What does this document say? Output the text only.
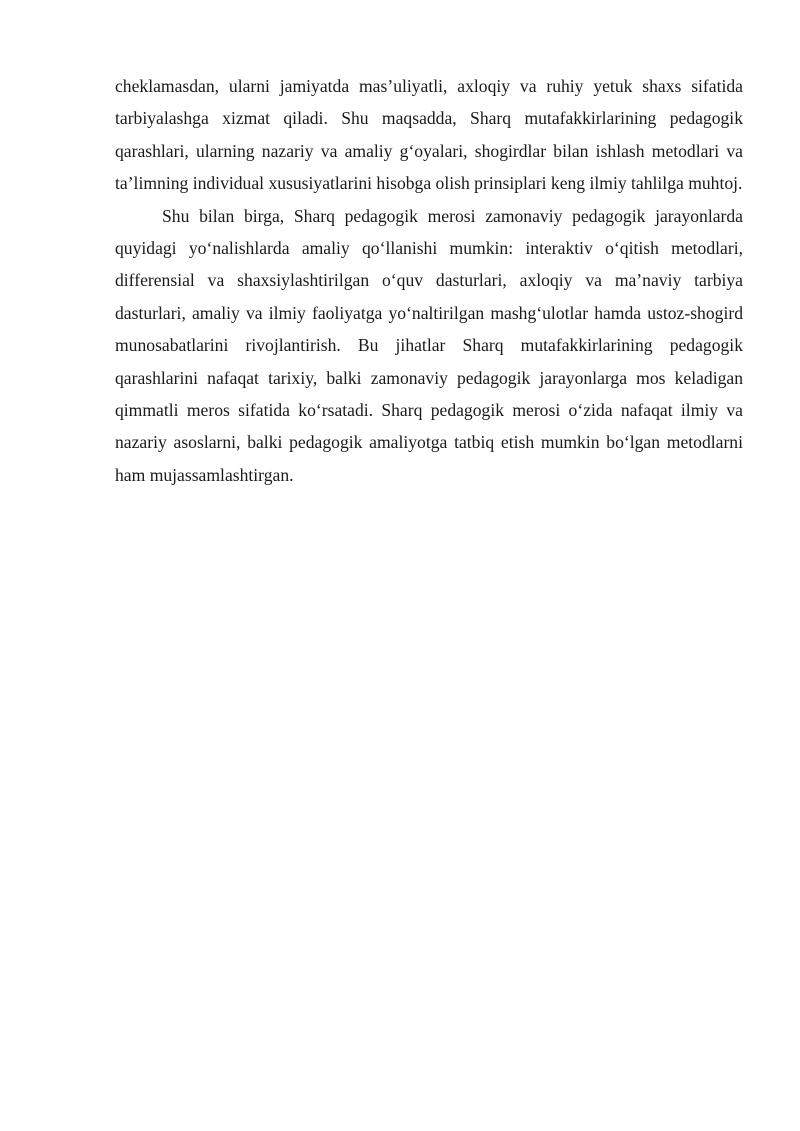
cheklamasdan, ularni jamiyatda mas’uliyatli, axloqiy va ruhiy yetuk shaxs sifatida tarbiyalashga xizmat qiladi. Shu maqsadda, Sharq mutafakkirlarining pedagogik qarashlari, ularning nazariy va amaliy g‘oyalari, shogirdlar bilan ishlash metodlari va ta’limning individual xususiyatlarini hisobga olish prinsiplari keng ilmiy tahlilga muhtoj.

Shu bilan birga, Sharq pedagogik merosi zamonaviy pedagogik jarayonlarda quyidagi yo‘nalishlarda amaliy qo‘llanishi mumkin: interaktiv o‘qitish metodlari, differensial va shaxsiylashtirilgan o‘quv dasturlari, axloqiy va ma’naviy tarbiya dasturlari, amaliy va ilmiy faoliyatga yo‘naltirilgan mashg‘ulotlar hamda ustoz-shogird munosabatlarini rivojlantirish. Bu jihatlar Sharq mutafakkirlarining pedagogik qarashlarini nafaqat tarixiy, balki zamonaviy pedagogik jarayonlarga mos keladigan qimmatli meros sifatida ko‘rsatadi. Sharq pedagogik merosi o‘zida nafaqat ilmiy va nazariy asoslarni, balki pedagogik amaliyotga tatbiq etish mumkin bo‘lgan metodlarni ham mujassamlashtirgan.
